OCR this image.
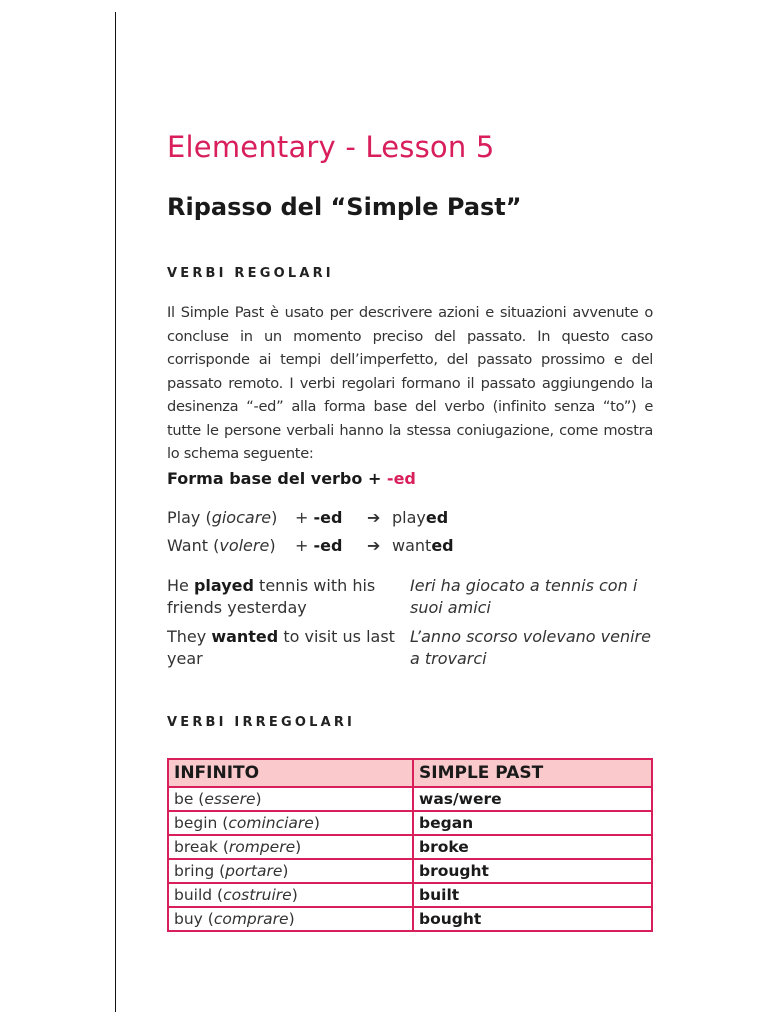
Elementary - Lesson 5
Ripasso del “Simple Past”
VERBI REGOLARI
Il Simple Past è usato per descrivere azioni e situazioni avvenute o concluse in un momento preciso del passato. In questo caso corrisponde ai tempi dell’imperfetto, del passato prossimo e del passato remoto. I verbi regolari formano il passato aggiungendo la desinenza “-ed” alla forma base del verbo (infinito senza “to”) e tutte le persone verbali hanno la stessa coniugazione, come mostra lo schema seguente:
Forma base del verbo + -ed
Play (giocare) + -ed ➔ played
Want (volere) + -ed ➔ wanted
He played tennis with his friends yesterday
Ieri ha giocato a tennis con i suoi amici
They wanted to visit us last year
L’anno scorso volevano venire a trovarci
VERBI IRREGOLARI
INFINITO	SIMPLE PAST
be (essere)	was/were
begin (cominciare)	began
break (rompere)	broke
bring (portare)	brought
build (costruire)	built
buy (comprare)	bought
